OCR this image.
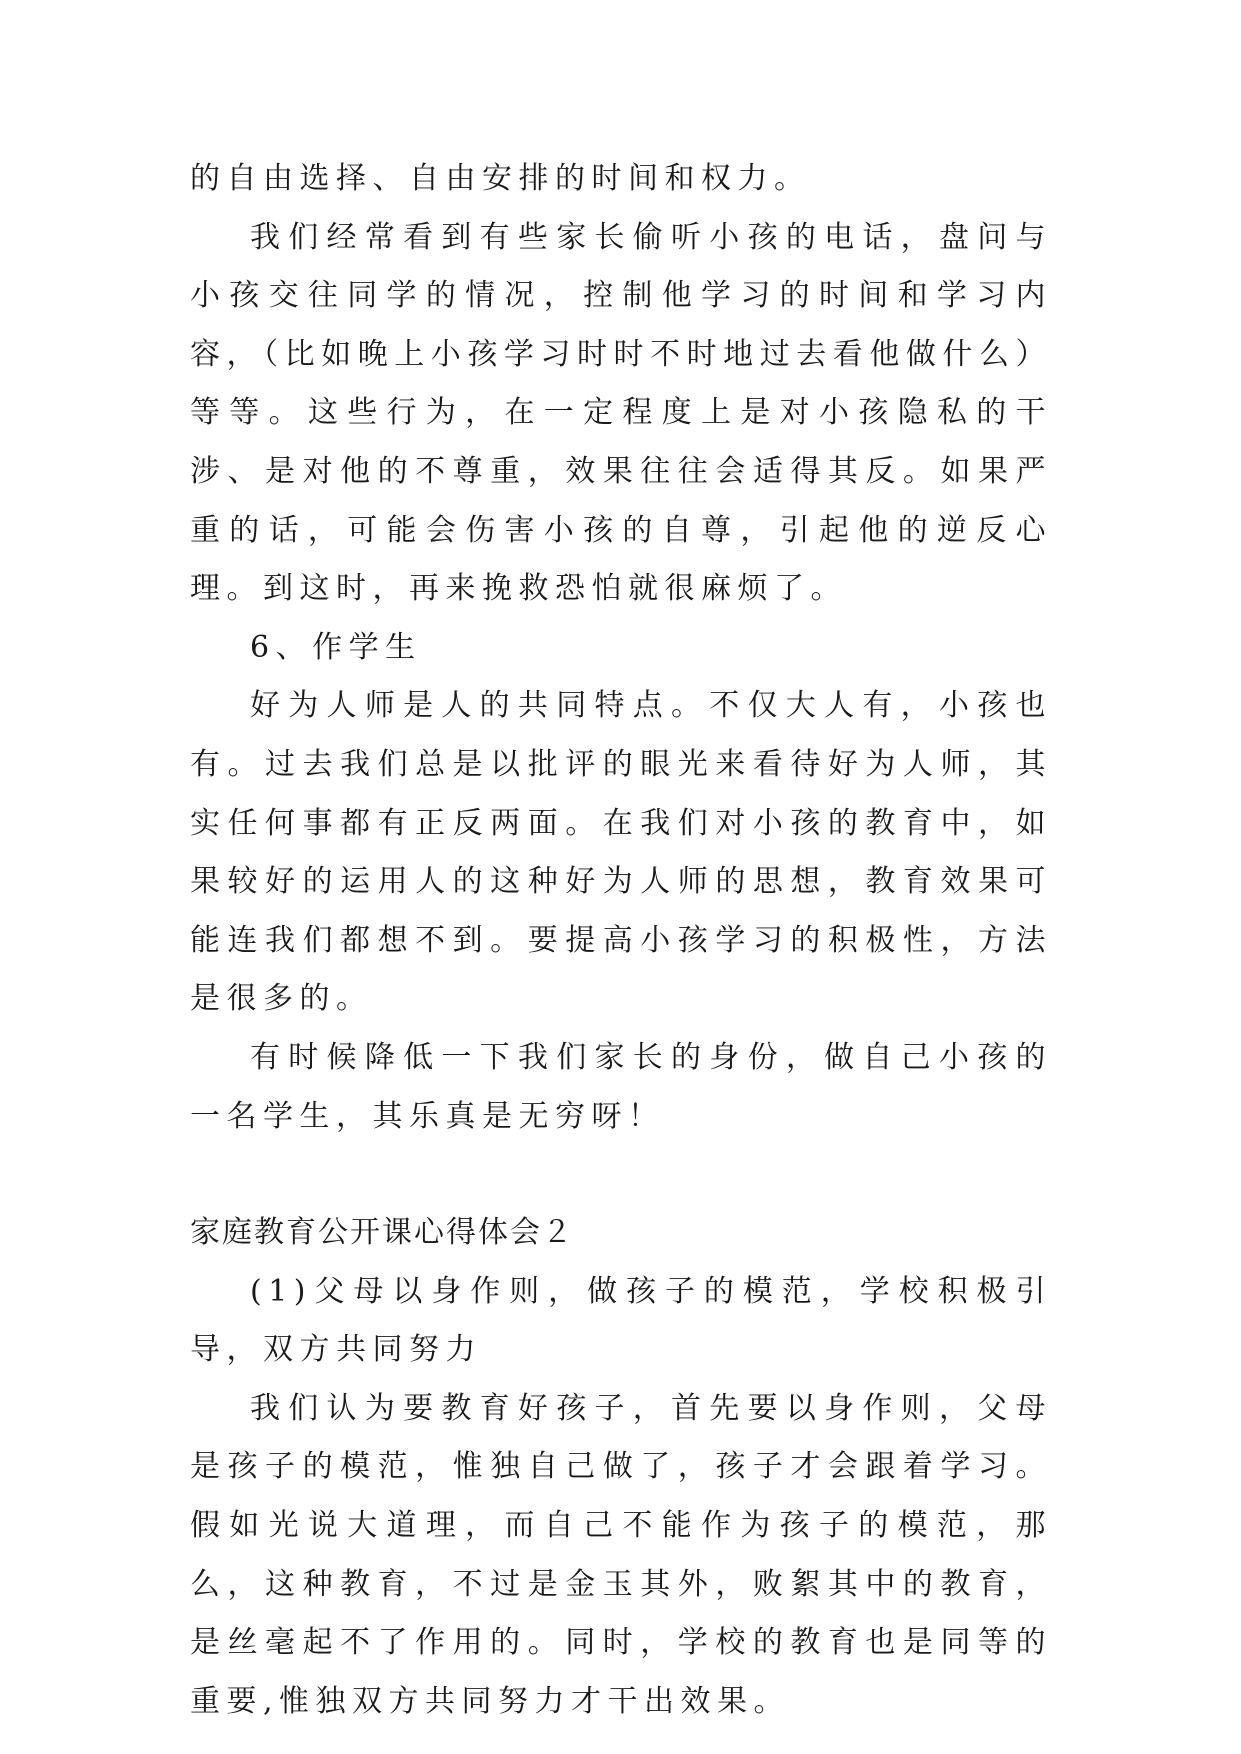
的自由选择、自由安排的时间和权力。

我们经常看到有些家长偷听小孩的电话，盘问与小孩交往同学的情况，控制他学习的时间和学习内容，（比如晚上小孩学习时时不时地过去看他做什么）等等。这些行为，在一定程度上是对小孩隐私的干涉、是对他的不尊重，效果往往会适得其反。如果严重的话，可能会伤害小孩的自尊，引起他的逆反心理。到这时，再来挽救恐怕就很麻烦了。

6、作学生

好为人师是人的共同特点。不仅大人有，小孩也有。过去我们总是以批评的眼光来看待好为人师，其实任何事都有正反两面。在我们对小孩的教育中，如果较好的运用人的这种好为人师的思想，教育效果可能连我们都想不到。要提高小孩学习的积极性，方法是很多的。

有时候降低一下我们家长的身份，做自己小孩的一名学生，其乐真是无穷呀！

家庭教育公开课心得体会２

(1)父母以身作则，做孩子的模范，学校积极引导，双方共同努力

我们认为要教育好孩子，首先要以身作则，父母是孩子的模范，惟独自己做了，孩子才会跟着学习。假如光说大道理，而自己不能作为孩子的模范，那么，这种教育，不过是金玉其外，败絮其中的教育，是丝毫起不了作用的。同时，学校的教育也是同等的重要,惟独双方共同努力才干出效果。
